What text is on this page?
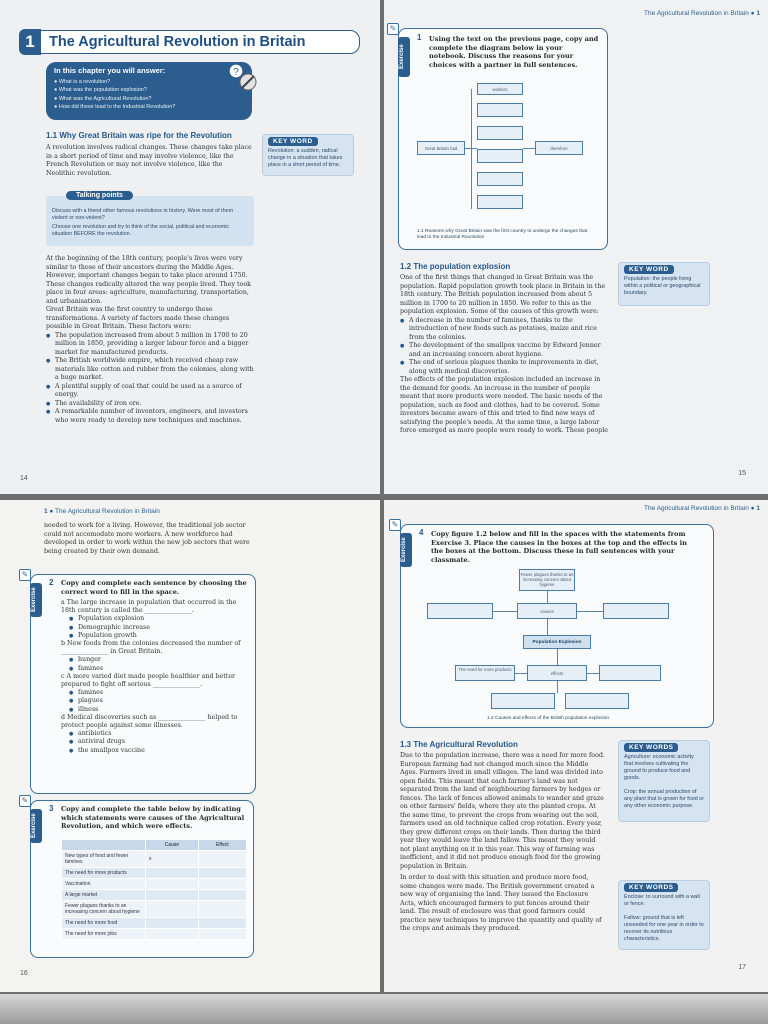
1 The Agricultural Revolution in Britain
In this chapter you will answer:
● What is a revolution?
● What was the population explosion?
● What was the Agricultural Revolution?
● How did these lead to the Industrial Revolution?
?
1.1 Why Great Britain was ripe for the Revolution
A revolution involves radical changes. These changes take place in a short period of time and may involve violence, like the French Revolution or may not involve violence, like the Neolithic revolution.
KEY WORD
Revolution: a sudden, radical change in a situation that takes place in a short period of time.
Talking points
Discuss with a friend other famous revolutions in history. Were most of them violent or non-violent?
Choose one revolution and try to think of the social, political and economic situation BEFORE the revolution.

At the beginning of the 18th century, people's lives were very similar to those of their ancestors during the Middle Ages. However, important changes began to take place around 1750. These changes radically altered the way people lived. They took place in four areas: agriculture, manufacturing, transportation, and urbanisation.

Great Britain was the first country to undergo these transformations. A variety of factors made these changes possible in Great Britain. These factors were:

● The population increased from about 5 million in 1700 to 20 million in 1850, providing a larger labour force and a bigger market for manufactured products.
● The British worldwide empire, which received cheap raw materials like cotton and rubber from the colonies, along with a huge market.
● A plentiful supply of coal that could be used as a source of energy.
● The availability of iron ore.
● A remarkable number of inventors, engineers, and investors who were ready to develop new techniques and machines.
14
The Agricultural Revolution in Britain ● 1
Exercise
✎
1 Using the text on the previous page, copy and complete the diagram below in your notebook. Discuss the reasons for your choices with a partner in full sentences.
workers
Great Britain had	therefore
1.1 Reasons why Great Britain was the first country to undergo the changes that lead to the Industrial Revolution
1.2 The population explosion

One of the first things that changed in Great Britain was the population. Rapid population growth took place in Britain in the 18th century. The British population increased from about 5 million in 1700 to 20 million in 1850. We refer to this as the population explosion. Some of the causes of this growth were:

● A decrease in the number of famines, thanks to the introduction of new foods such as potatoes, maize and rice from the colonies.
● The development of the smallpox vaccine by Edward Jenner and an increasing concern about hygiene.
● The end of serious plagues thanks to improvements in diet, along with medical discoveries.

The effects of the population explosion included an increase in the demand for goods. An increase in the number of people meant that more products were needed. The basic needs of the population, such as food and clothes, had to be covered. Some investors became aware of this and tried to find new ways of satisfying the people's needs. At the same time, a large labour force emerged as more people were ready to work. These people

KEY WORD
Population: the people living within a political or geographical boundary.
15
1 ● The Agricultural Revolution in Britain
needed to work for a living. However, the traditional job sector could not accomodate more workers. A new workforce had developed in order to work within the new job sectors that were being created by their own demand.
Exercise
✎
2 Copy and complete each sentence by choosing the correct word to fill in the space.

a The large increase in population that occurred in the 18th century is called the _______________.

● Population explosion
● Demographic increase
● Population growth

b New foods from the colonies decreased the number of _______________ in Great Britain.

● hunger
● famines

c A more varied diet made people healthier and better prepared to fight off serious _______________.

● famines
● plagues
● illness

d Medical discoveries such as _______________ helped to protect people against some illnesses.

● antibiotics
● antiviral drugs
● the smallpox vaccine
Exercise
✎
3 Copy and complete the table below by indicating which statements were causes of the Agricultural Revolution, and which were effects.
	Cause	Effect
New types of food and fewer famines	x	
The need for more products		
Vaccination		
A large market		
Fewer plagues thanks to an increasing concern about hygiene		
The need for more food		
The need for more jobs		
16
The Agricultural Revolution in Britain ● 1
Exercise
✎
4 Copy figure 1.2 below and fill in the spaces with the statements from Exercise 3. Place the causes in the boxes at the top and the effects in the boxes at the bottom. Discuss these in full sentences with your classmate.
Fewer plagues thanks to an increasing concern about hygiene
causes
Population Explosion
The need for more products
effects
1.2 Causes and effects of the British population explosion
1.3 The Agricultural Revolution

Due to the population increase, there was a need for more food. European farming had not changed much since the Middle Ages. Farmers lived in small villages. The land was divided into open fields. This meant that each farmer's land was not separated from the land of neighbouring farmers by hedges or fences. The lack of fences allowed animals to wander and graze on other farmers' fields, where they ate the planted crops. At the same time, to prevent the crops from wearing out the soil, farmers used an old technique called crop rotation. Every year, they grew different crops on their lands. Then during the third year they would leave the land fallow. This meant they would not plant anything on it in this year. This way of farming was inefficient, and it did not produce enough food for the growing population in Britain.

In order to deal with this situation and produce more food, some changes were made. The British government created a new way of organising the land. They issued the Enclosure Acts, which encouraged farmers to put fences around their land. The result of enclosure was that good farmers could practice new techniques to improve the quantity and quality of the crops and animals they produced.

KEY WORDS
Agriculture: economic activity that involves cultivating the ground to produce food and goods.

Crop: the annual production of any plant that is grown for food or any other economic purpose.
KEY WORDS
Enclose: to surround with a wall or fence.

Fallow: ground that is left unseeded for one year in order to recover its nutritious characteristics.
17
